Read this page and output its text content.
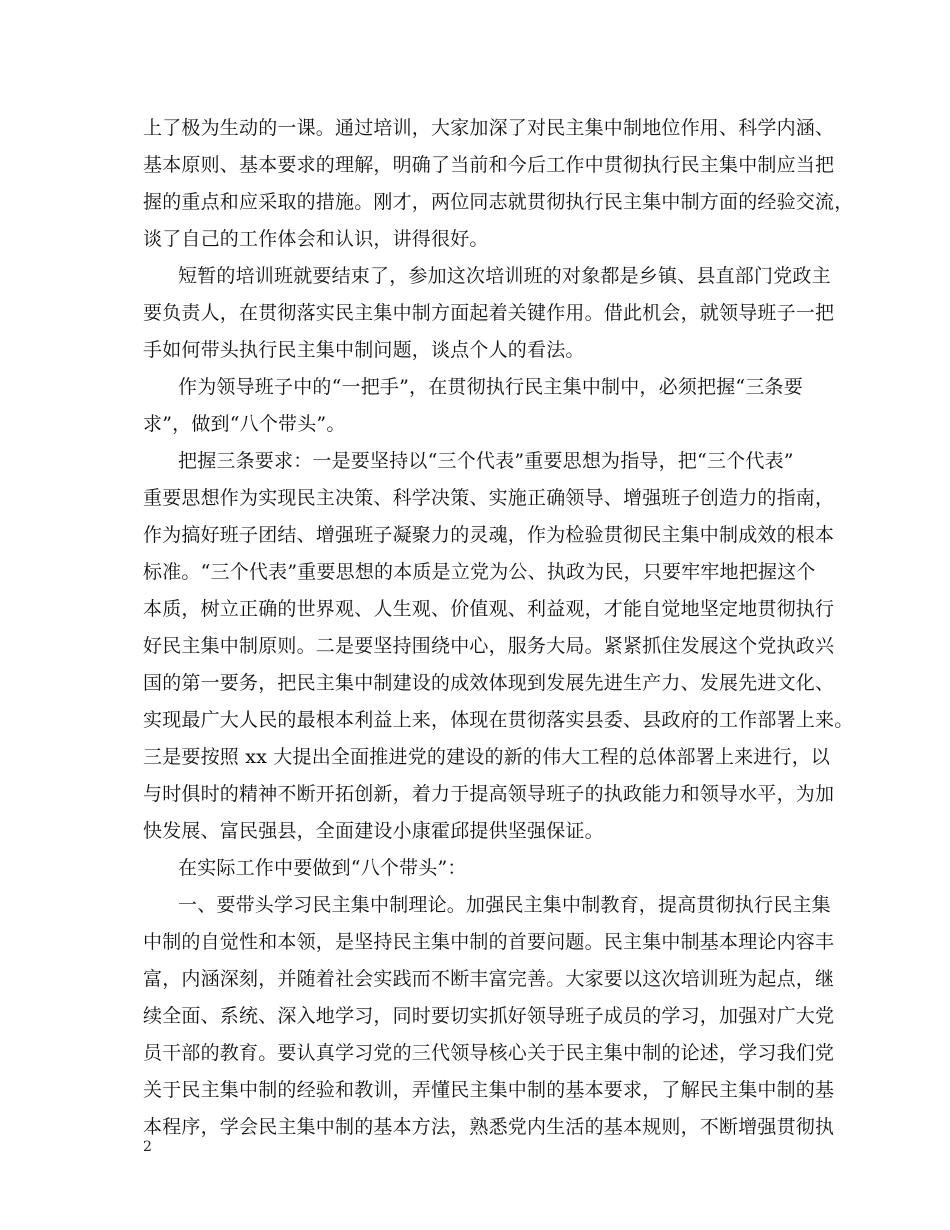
上了极为生动的一课。通过培训，大家加深了对民主集中制地位作用、科学内涵、
基本原则、基本要求的理解，明确了当前和今后工作中贯彻执行民主集中制应当把
握的重点和应采取的措施。刚才，两位同志就贯彻执行民主集中制方面的经验交流，
谈了自己的工作体会和认识，讲得很好。
短暂的培训班就要结束了，参加这次培训班的对象都是乡镇、县直部门党政主
要负责人，在贯彻落实民主集中制方面起着关键作用。借此机会，就领导班子一把
手如何带头执行民主集中制问题，谈点个人的看法。
作为领导班子中的“一把手”，在贯彻执行民主集中制中，必须把握“三条要
求”，做到“八个带头”。
把握三条要求：一是要坚持以“三个代表”重要思想为指导，把“三个代表”
重要思想作为实现民主决策、科学决策、实施正确领导、增强班子创造力的指南，
作为搞好班子团结、增强班子凝聚力的灵魂，作为检验贯彻民主集中制成效的根本
标准。“三个代表”重要思想的本质是立党为公、执政为民，只要牢牢地把握这个
本质，树立正确的世界观、人生观、价值观、利益观，才能自觉地坚定地贯彻执行
好民主集中制原则。二是要坚持围绕中心，服务大局。紧紧抓住发展这个党执政兴
国的第一要务，把民主集中制建设的成效体现到发展先进生产力、发展先进文化、
实现最广大人民的最根本利益上来，体现在贯彻落实县委、县政府的工作部署上来。
三是要按照 xx 大提出全面推进党的建设的新的伟大工程的总体部署上来进行，以
与时俱时的精神不断开拓创新，着力于提高领导班子的执政能力和领导水平，为加
快发展、富民强县，全面建设小康霍邱提供坚强保证。
在实际工作中要做到“八个带头”：
一、要带头学习民主集中制理论。加强民主集中制教育，提高贯彻执行民主集
中制的自觉性和本领，是坚持民主集中制的首要问题。民主集中制基本理论内容丰
富，内涵深刻，并随着社会实践而不断丰富完善。大家要以这次培训班为起点，继
续全面、系统、深入地学习，同时要切实抓好领导班子成员的学习，加强对广大党
员干部的教育。要认真学习党的三代领导核心关于民主集中制的论述，学习我们党
关于民主集中制的经验和教训，弄懂民主集中制的基本要求，了解民主集中制的基
本程序，学会民主集中制的基本方法，熟悉党内生活的基本规则，不断增强贯彻执
2
